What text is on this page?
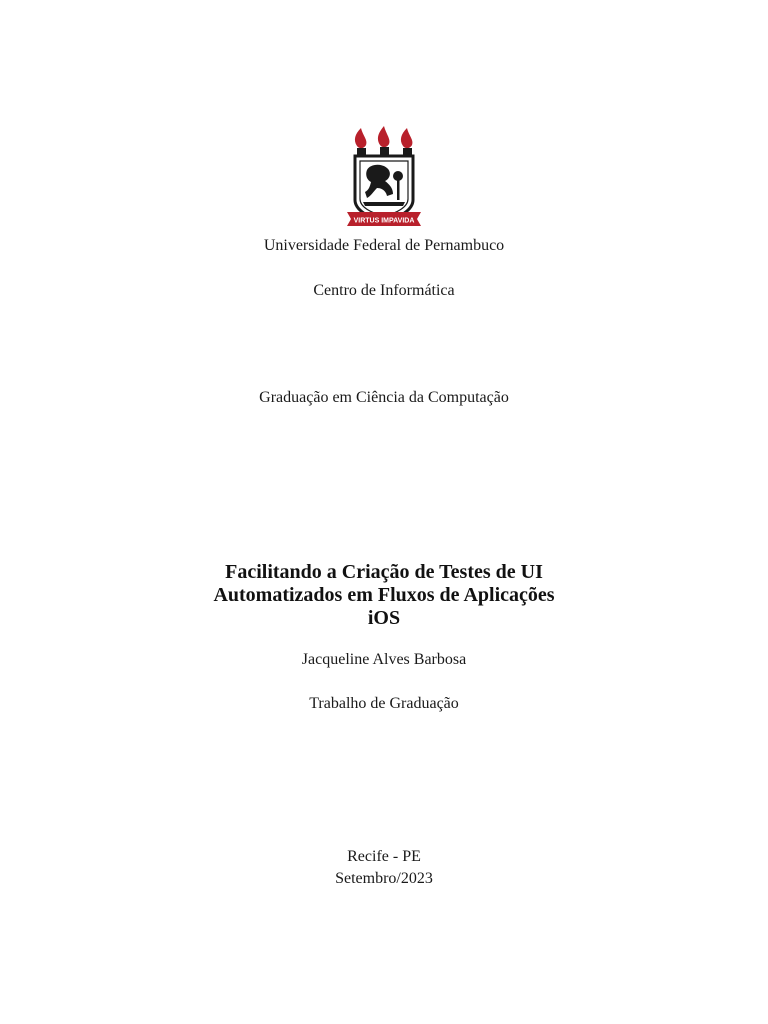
VIRTUS IMPAVIDA
Universidade Federal de Pernambuco
Centro de Informática
Graduação em Ciência da Computação
Facilitando a Criação de Testes de UI
Automatizados em Fluxos de Aplicações
iOS
Jacqueline Alves Barbosa
Trabalho de Graduação
Recife - PE
Setembro/2023
